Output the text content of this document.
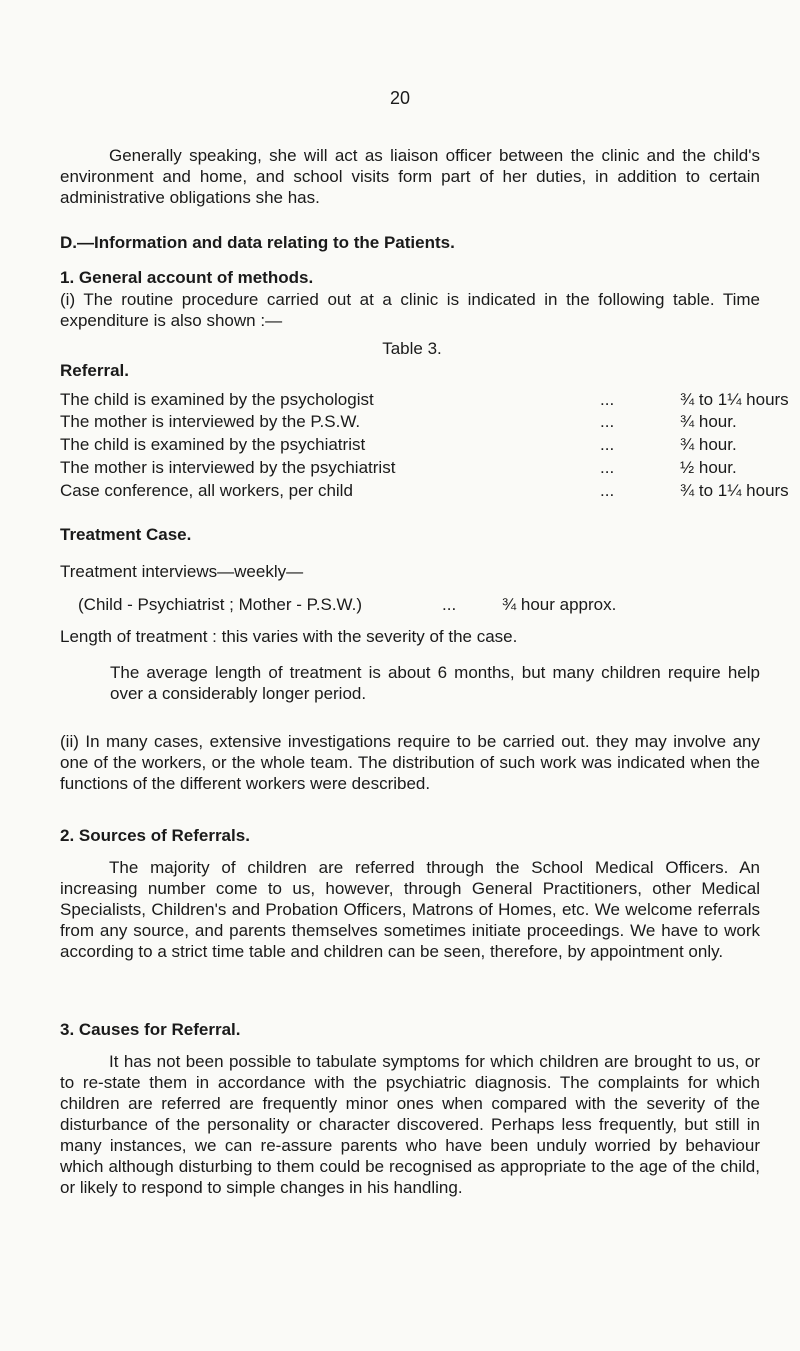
20
Generally speaking, she will act as liaison officer between the clinic and the child's environment and home, and school visits form part of her duties, in addition to certain administrative obligations she has.
D.—Information and data relating to the Patients.
1. General account of methods.
(i) The routine procedure carried out at a clinic is indicated in the following table. Time expenditure is also shown :—
Table 3.
Referral.
The child is examined by the psychologist	...	¾ to 1¼ hours
The mother is interviewed by the P.S.W.	...	¾ hour.
The child is examined by the psychiatrist	...	¾ hour.
The mother is interviewed by the psychiatrist	...	½ hour.
Case conference, all workers, per child	...	¾ to 1¼ hours
Treatment Case.
Treatment interviews—weekly—
(Child - Psychiatrist ; Mother - P.S.W.)	...	¾ hour approx.
Length of treatment : this varies with the severity of the case.
The average length of treatment is about 6 months, but many children require help over a considerably longer period.
(ii) In many cases, extensive investigations require to be carried out. they may involve any one of the workers, or the whole team. The distribution of such work was indicated when the functions of the different workers were described.
2. Sources of Referrals.
The majority of children are referred through the School Medical Officers. An increasing number come to us, however, through General Practitioners, other Medical Specialists, Children's and Probation Officers, Matrons of Homes, etc. We welcome referrals from any source, and parents themselves sometimes initiate proceedings. We have to work according to a strict time table and children can be seen, therefore, by appointment only.
3. Causes for Referral.
It has not been possible to tabulate symptoms for which children are brought to us, or to re-state them in accordance with the psychiatric diagnosis. The complaints for which children are referred are frequently minor ones when compared with the severity of the disturbance of the personality or character discovered. Perhaps less frequently, but still in many instances, we can re-assure parents who have been unduly worried by behaviour which although disturbing to them could be recognised as appropriate to the age of the child, or likely to respond to simple changes in his handling.
